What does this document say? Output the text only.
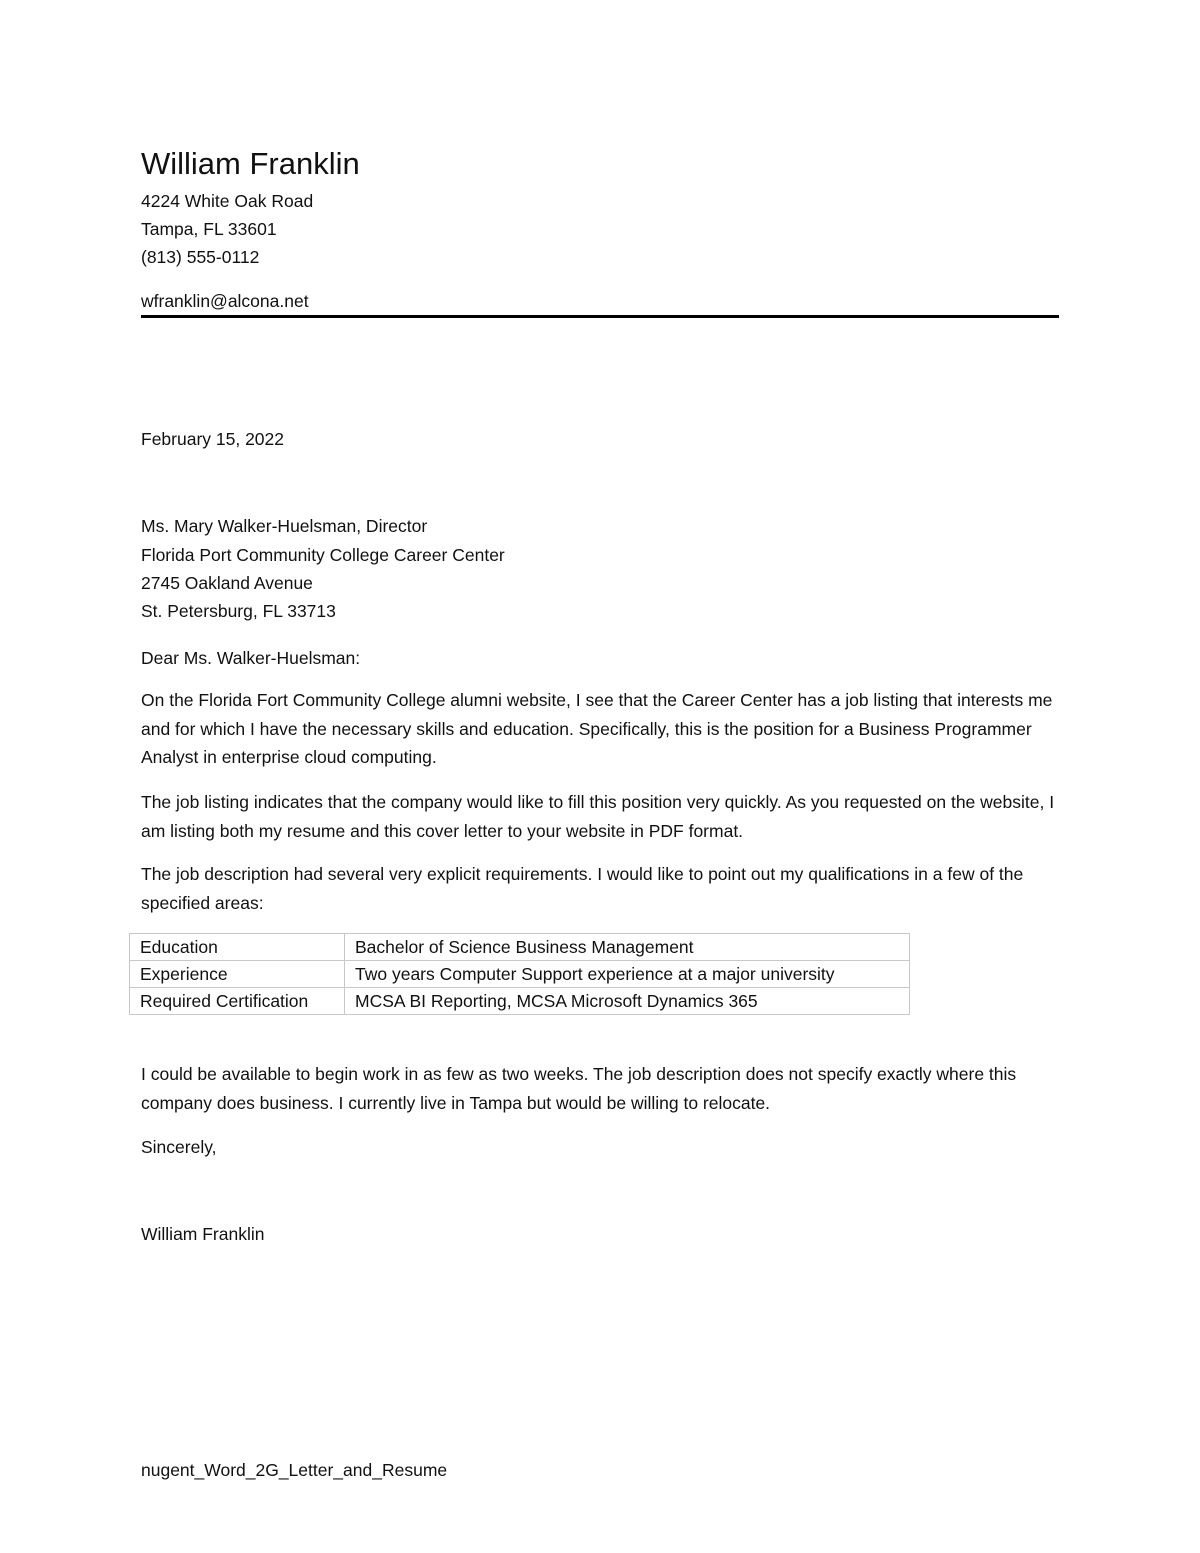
William Franklin
4224 White Oak Road
Tampa, FL 33601
(813) 555-0112
wfranklin@alcona.net
February 15, 2022
Ms. Mary Walker-Huelsman, Director
Florida Port Community College Career Center
2745 Oakland Avenue
St. Petersburg, FL 33713
Dear Ms. Walker-Huelsman:

On the Florida Fort Community College alumni website, I see that the Career Center has a job listing that interests me and for which I have the necessary skills and education. Specifically, this is the position for a Business Programmer Analyst in enterprise cloud computing.

The job listing indicates that the company would like to fill this position very quickly. As you requested on the website, I am listing both my resume and this cover letter to your website in PDF format.

The job description had several very explicit requirements. I would like to point out my qualifications in a few of the specified areas:

Education	Bachelor of Science Business Management
Experience	Two years Computer Support experience at a major university
Required Certification	MCSA BI Reporting, MCSA Microsoft Dynamics 365

I could be available to begin work in as few as two weeks. The job description does not specify exactly where this company does business. I currently live in Tampa but would be willing to relocate.

Sincerely,
William Franklin
nugent_Word_2G_Letter_and_Resume
